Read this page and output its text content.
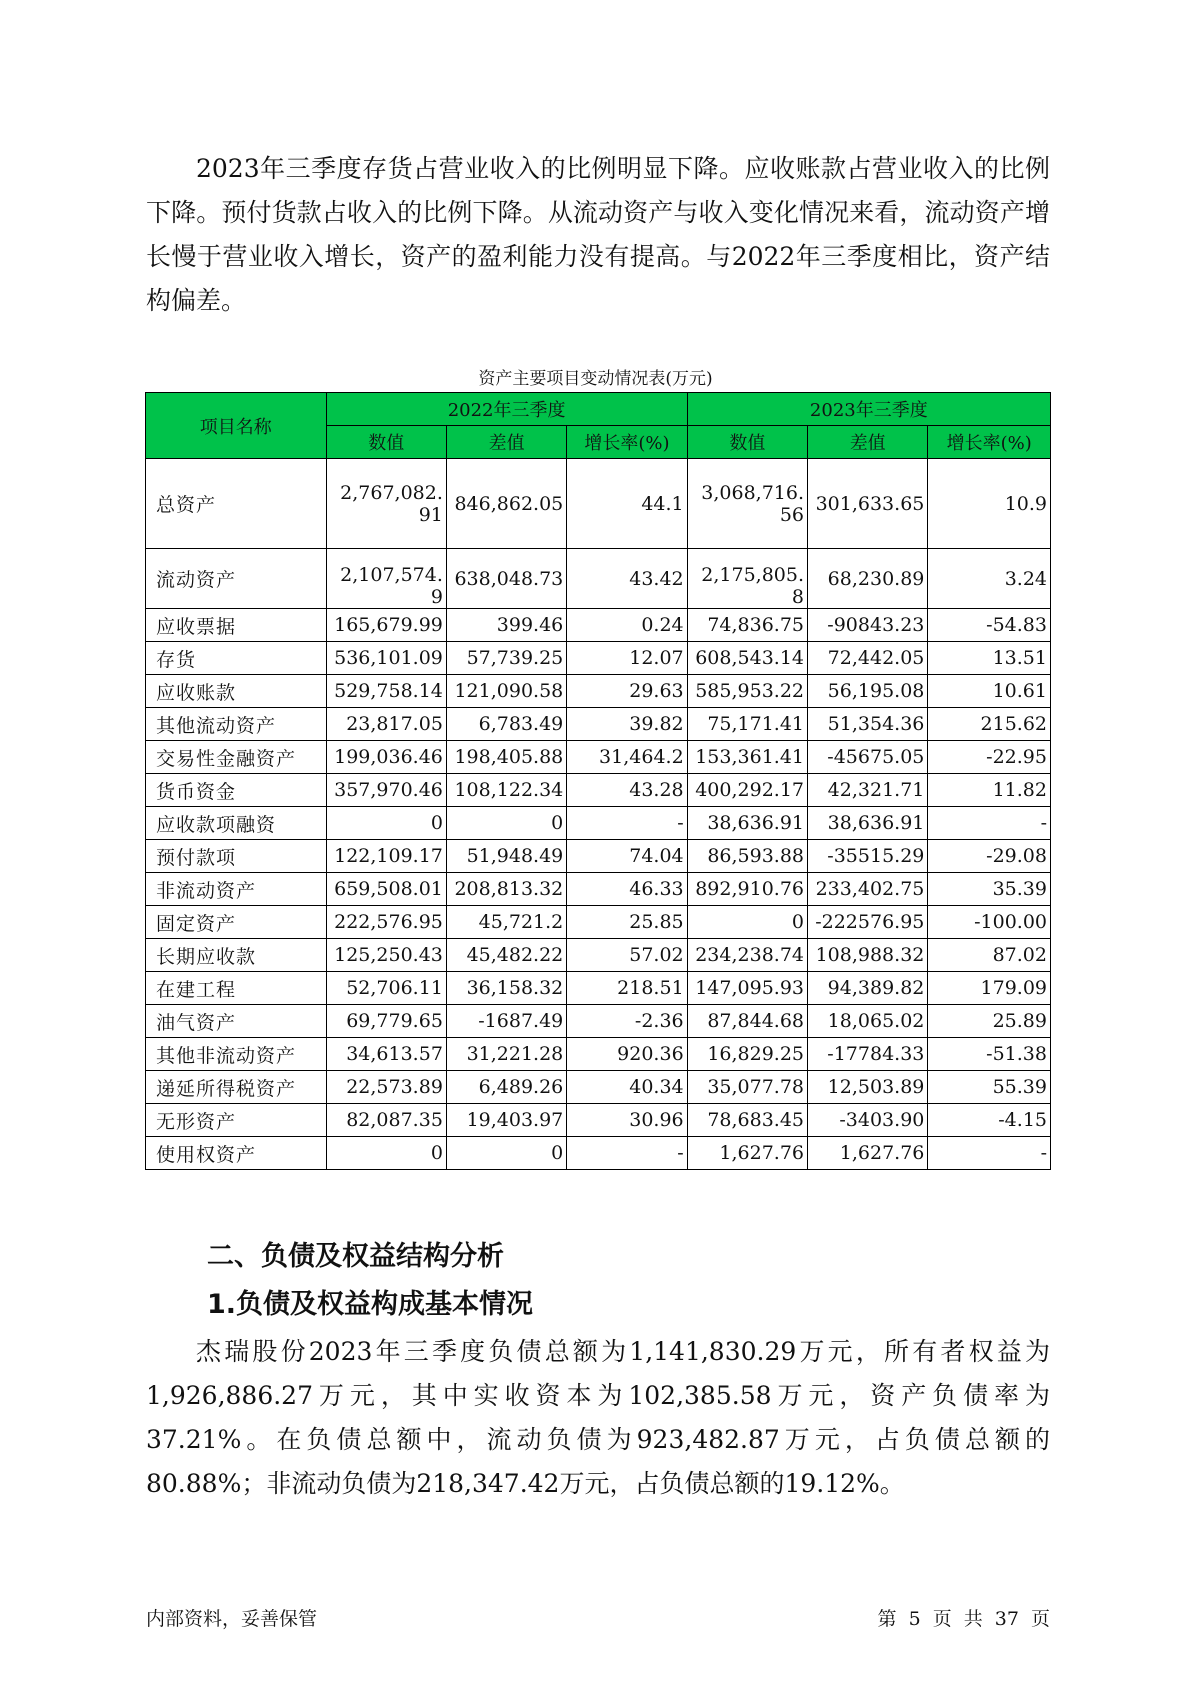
2023年三季度存货占营业收入的比例明显下降。应收账款占营业收入的比例下降。预付货款占收入的比例下降。从流动资产与收入变化情况来看，流动资产增长慢于营业收入增长，资产的盈利能力没有提高。与2022年三季度相比，资产结构偏差。

资产主要项目变动情况表(万元)
项目名称	2022年三季度			2023年三季度		
	数值	差值	增长率(%)	数值	差值	增长率(%)
总资产	2,767,082.91	846,862.05	44.1	3,068,716.56	301,633.65	10.9
流动资产	2,107,574.9	638,048.73	43.42	2,175,805.8	68,230.89	3.24
应收票据	165,679.99	399.46	0.24	74,836.75	-90843.23	-54.83
存货	536,101.09	57,739.25	12.07	608,543.14	72,442.05	13.51
应收账款	529,758.14	121,090.58	29.63	585,953.22	56,195.08	10.61
其他流动资产	23,817.05	6,783.49	39.82	75,171.41	51,354.36	215.62
交易性金融资产	199,036.46	198,405.88	31,464.2	153,361.41	-45675.05	-22.95
货币资金	357,970.46	108,122.34	43.28	400,292.17	42,321.71	11.82
应收款项融资	0	0	-	38,636.91	38,636.91	-
预付款项	122,109.17	51,948.49	74.04	86,593.88	-35515.29	-29.08
非流动资产	659,508.01	208,813.32	46.33	892,910.76	233,402.75	35.39
固定资产	222,576.95	45,721.2	25.85	0	-222576.95	-100.00
长期应收款	125,250.43	45,482.22	57.02	234,238.74	108,988.32	87.02
在建工程	52,706.11	36,158.32	218.51	147,095.93	94,389.82	179.09
油气资产	69,779.65	-1687.49	-2.36	87,844.68	18,065.02	25.89
其他非流动资产	34,613.57	31,221.28	920.36	16,829.25	-17784.33	-51.38
递延所得税资产	22,573.89	6,489.26	40.34	35,077.78	12,503.89	55.39
无形资产	82,087.35	19,403.97	30.96	78,683.45	-3403.90	-4.15
使用权资产	0	0	-	1,627.76	1,627.76	-
二、负债及权益结构分析
1.负债及权益构成基本情况

杰瑞股份2023年三季度负债总额为1,141,830.29万元，所有者权益为1,926,886.27万元，其中实收资本为102,385.58万元，资产负债率为37.21%。在负债总额中，流动负债为923,482.87万元，占负债总额的80.88%；非流动负债为218,347.42万元，占负债总额的19.12%。

内部资料，妥善保管	第 5 页 共 37 页
